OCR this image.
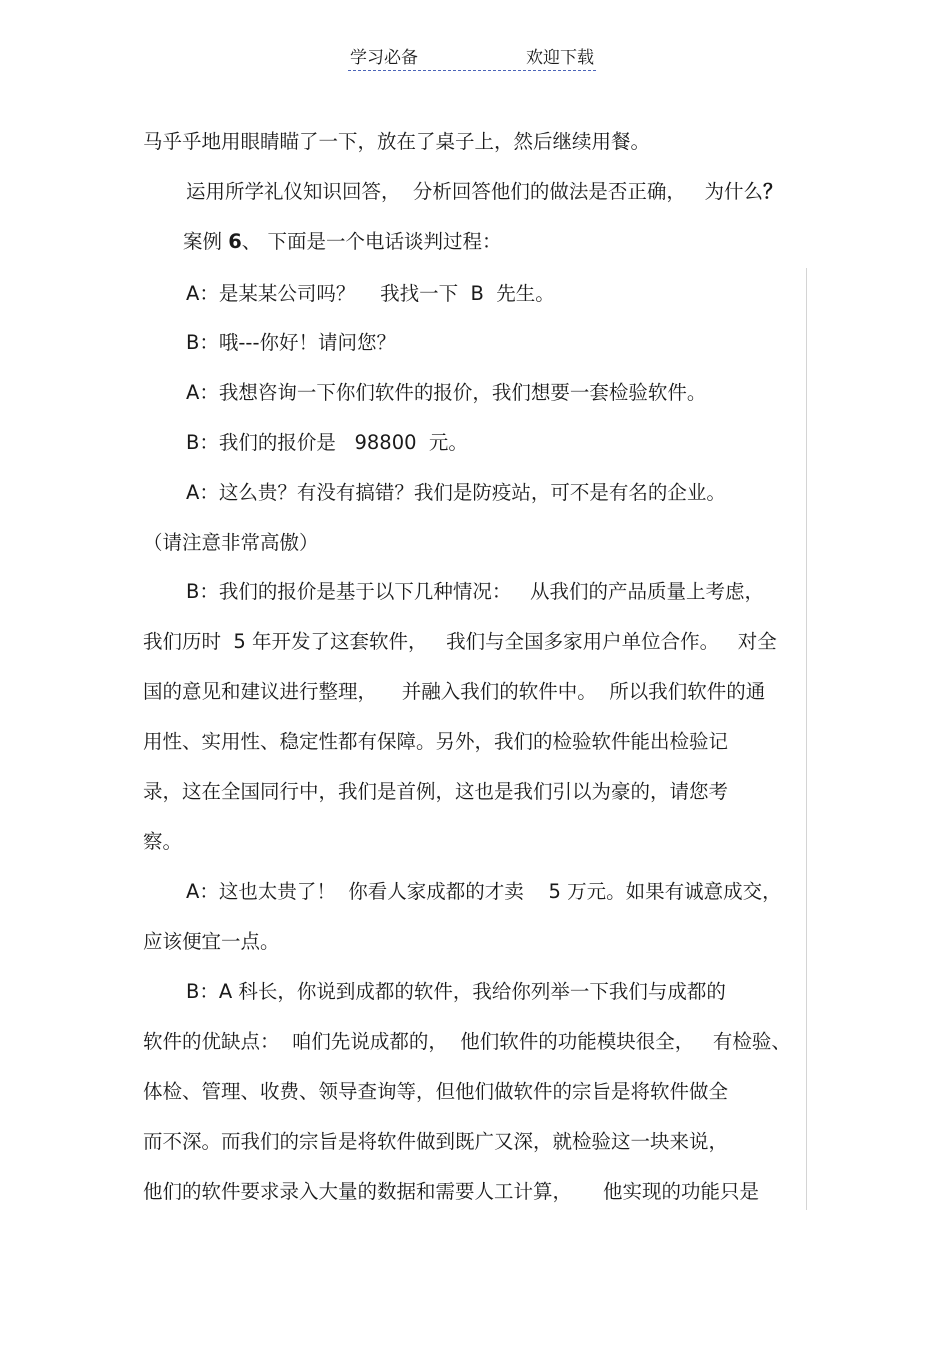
学习必备	欢迎下载
马乎乎地用眼睛瞄了一下，放在了桌子上，然后继续用餐。
运用所学礼仪知识回答，  分析回答他们的做法是否正确，   为什么？
案例 6、 下面是一个电话谈判过程：
A：是某某公司吗？    我找一下  B  先生。
B：哦---你好！请问您？
A：我想咨询一下你们软件的报价，我们想要一套检验软件。
B：我们的报价是   98800  元。
A：这么贵？有没有搞错？我们是防疫站，可不是有名的企业。
（请注意非常高傲）
B：我们的报价是基于以下几种情况：   从我们的产品质量上考虑，
我们历时  5 年开发了这套软件，   我们与全国多家用户单位合作。   对全
国的意见和建议进行整理，    并融入我们的软件中。  所以我们软件的通
用性、实用性、稳定性都有保障。另外，我们的检验软件能出检验记
录，这在全国同行中，我们是首例，这也是我们引以为豪的，请您考
察。
A：这也太贵了！  你看人家成都的才卖    5 万元。如果有诚意成交，
应该便宜一点。
B：A 科长，你说到成都的软件，我给你列举一下我们与成都的
软件的优缺点：  咱们先说成都的，  他们软件的功能模块很全，   有检验、
体检、管理、收费、领导查询等，但他们做软件的宗旨是将软件做全
而不深。而我们的宗旨是将软件做到既广又深，就检验这一块来说，
他们的软件要求录入大量的数据和需要人工计算，     他实现的功能只是
